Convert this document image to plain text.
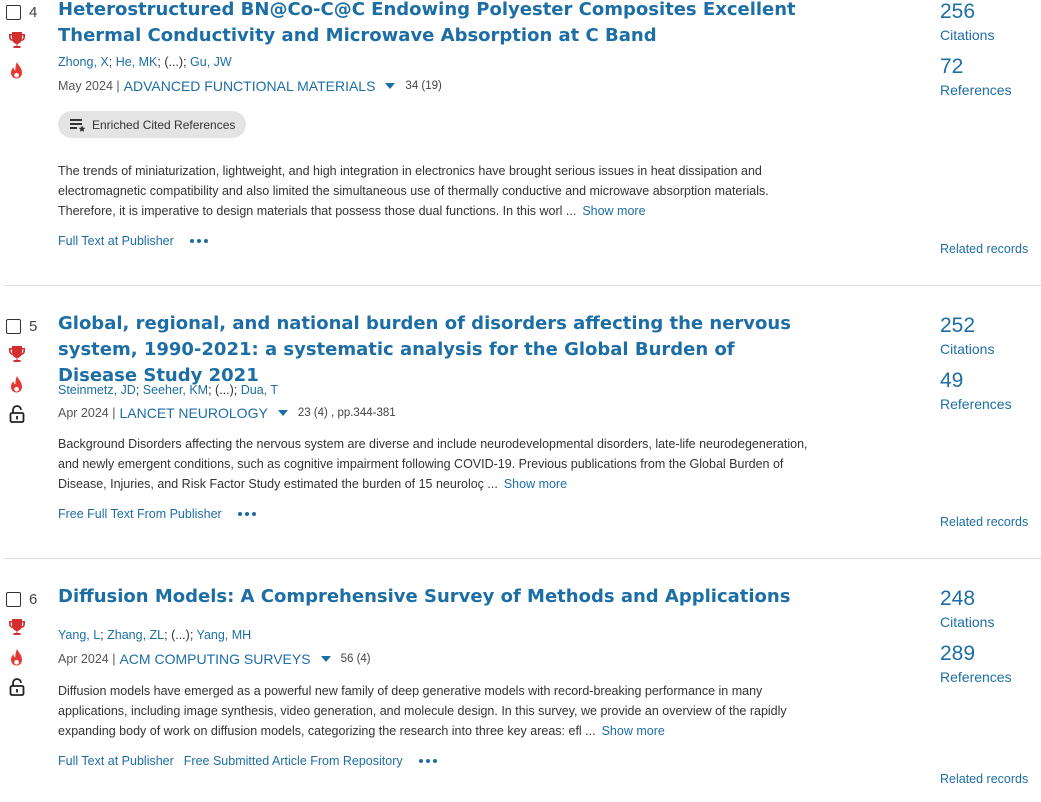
4 Heterostructured BN@Co-C@C Endowing Polyester Composites Excellent Thermal Conductivity and Microwave Absorption at C Band
Zhong, X; He, MK; (...); Gu, JW
May 2024 | ADVANCED FUNCTIONAL MATERIALS	34 (19)
Enriched Cited References
The trends of miniaturization, lightweight, and high integration in electronics have brought serious issues in heat dissipation and electromagnetic compatibility and also limited the simultaneous use of thermally conductive and microwave absorption materials. Therefore, it is imperative to design materials that possess those dual functions. In this worl ... Show more
Full Text at Publisher
256
Citations
72
References
Related records
5 Global, regional, and national burden of disorders affecting the nervous system, 1990-2021: a systematic analysis for the Global Burden of Disease Study 2021
Steinmetz, JD; Seeher, KM; (...); Dua, T
Apr 2024 | LANCET NEUROLOGY	23 (4) , pp.344-381
Background Disorders affecting the nervous system are diverse and include neurodevelopmental disorders, late-life neurodegeneration, and newly emergent conditions, such as cognitive impairment following COVID-19. Previous publications from the Global Burden of Disease, Injuries, and Risk Factor Study estimated the burden of 15 neuroloç ... Show more
Free Full Text From Publisher
252
Citations
49
References
Related records
6 Diffusion Models: A Comprehensive Survey of Methods and Applications
Yang, L; Zhang, ZL; (...); Yang, MH
Apr 2024 | ACM COMPUTING SURVEYS	56 (4)
Diffusion models have emerged as a powerful new family of deep generative models with record-breaking performance in many applications, including image synthesis, video generation, and molecule design. In this survey, we provide an overview of the rapidly expanding body of work on diffusion models, categorizing the research into three key areas: efl ... Show more
Full Text at Publisher Free Submitted Article From Repository
248
Citations
289
References
Related records
